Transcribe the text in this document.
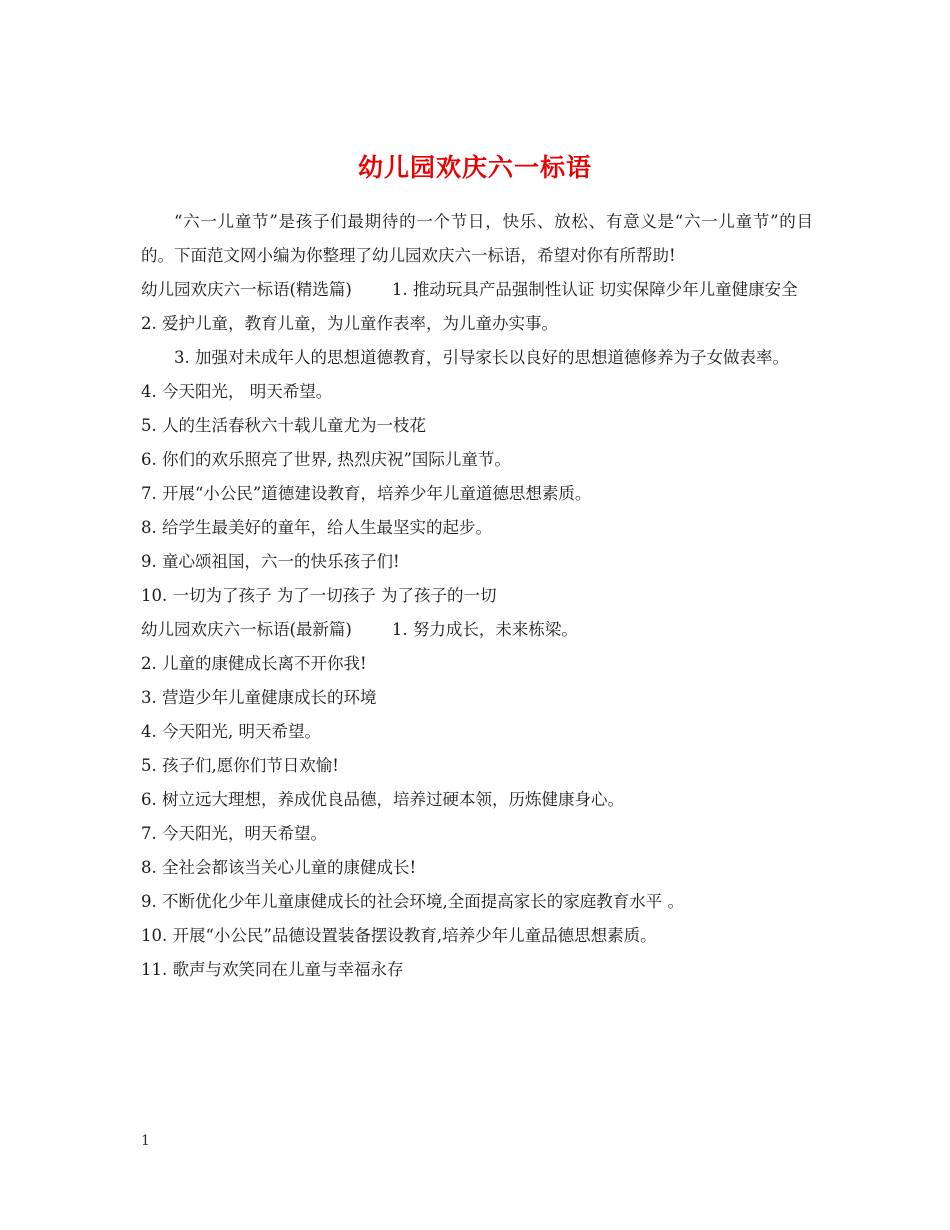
幼儿园欢庆六一标语

“六一儿童节”是孩子们最期待的一个节日，快乐、放松、有意义是“六一儿童节”的目的。下面范文网小编为你整理了幼儿园欢庆六一标语，希望对你有所帮助!

幼儿园欢庆六一标语(精选篇) 1. 推动玩具产品强制性认证 切实保障少年儿童健康安全

2. 爱护儿童，教育儿童，为儿童作表率，为儿童办实事。

3. 加强对未成年人的思想道德教育，引导家长以良好的思想道德修养为子女做表率。

4. 今天阳光， 明天希望。

5. 人的生活春秋六十载儿童尤为一枝花

6. 你们的欢乐照亮了世界, 热烈庆祝”国际儿童节。

7. 开展“小公民”道德建设教育，培养少年儿童道德思想素质。

8. 给学生最美好的童年，给人生最坚实的起步。

9. 童心颂祖国，六一的快乐孩子们!

10. 一切为了孩子 为了一切孩子 为了孩子的一切

幼儿园欢庆六一标语(最新篇) 1. 努力成长，未来栋梁。

2. 儿童的康健成长离不开你我!

3. 营造少年儿童健康成长的环境

4. 今天阳光, 明天希望。

5. 孩子们,愿你们节日欢愉!

6. 树立远大理想，养成优良品德，培养过硬本领，历炼健康身心。

7. 今天阳光，明天希望。

8. 全社会都该当关心儿童的康健成长!

9. 不断优化少年儿童康健成长的社会环境,全面提高家长的家庭教育水平 。

10. 开展“小公民”品德设置装备摆设教育,培养少年儿童品德思想素质。

11. 歌声与欢笑同在儿童与幸福永存

1
